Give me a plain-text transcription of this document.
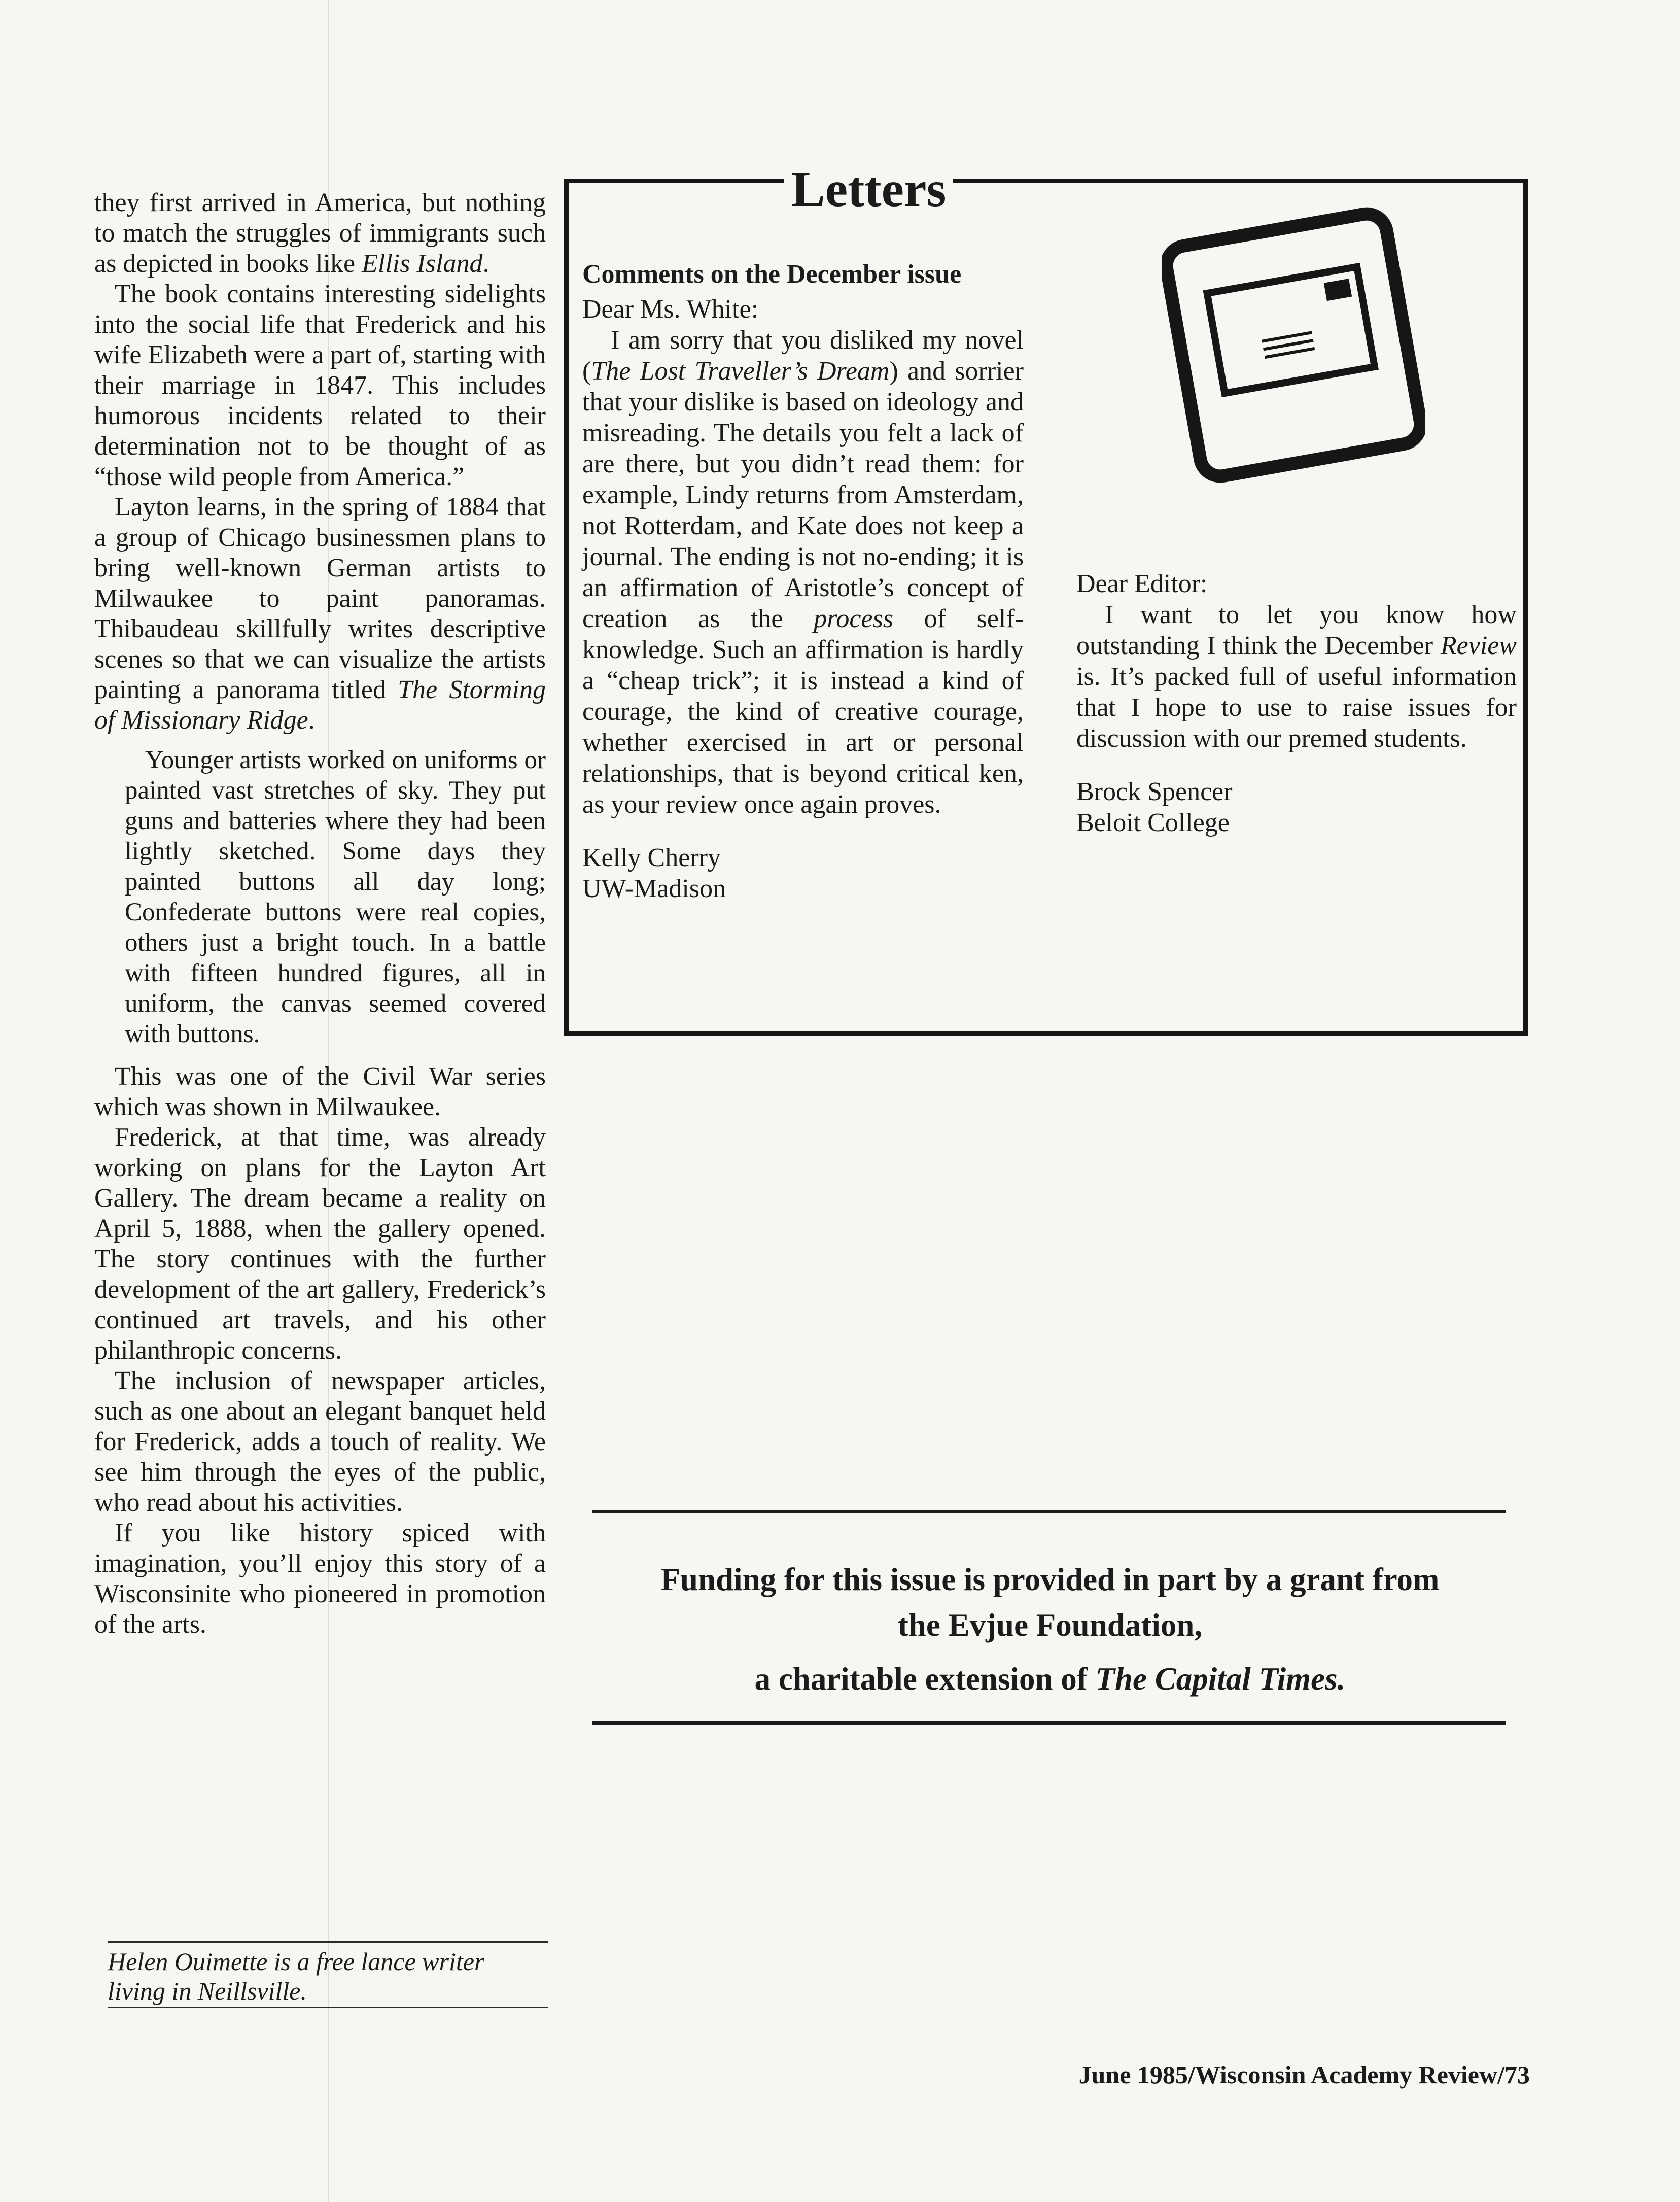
they first arrived in America, but nothing to match the struggles of immigrants such as depicted in books like Ellis Island.

The book contains interesting sidelights into the social life that Frederick and his wife Elizabeth were a part of, starting with their marriage in 1847. This includes humorous incidents related to their determination not to be thought of as “those wild people from America.”

Layton learns, in the spring of 1884 that a group of Chicago businessmen plans to bring well-known German artists to Milwaukee to paint panoramas. Thibaudeau skillfully writes descriptive scenes so that we can visualize the artists painting a panorama titled The Storming of Missionary Ridge.

Younger artists worked on uniforms or painted vast stretches of sky. They put guns and batteries where they had been lightly sketched. Some days they painted buttons all day long; Confederate buttons were real copies, others just a bright touch. In a battle with fifteen hundred figures, all in uniform, the canvas seemed covered with buttons.

This was one of the Civil War series which was shown in Milwaukee.

Frederick, at that time, was already working on plans for the Layton Art Gallery. The dream became a reality on April 5, 1888, when the gallery opened. The story continues with the further development of the art gallery, Frederick’s continued art travels, and his other philanthropic concerns.

The inclusion of newspaper articles, such as one about an elegant banquet held for Frederick, adds a touch of reality. We see him through the eyes of the public, who read about his activities.

If you like history spiced with imagination, you’ll enjoy this story of a Wisconsinite who pioneered in promotion of the arts.

Helen Ouimette is a free lance writer living in Neillsville.
Letters

Comments on the December issue

Dear Ms. White:

I am sorry that you disliked my novel (The Lost Traveller’s Dream) and sorrier that your dislike is based on ideology and misreading. The details you felt a lack of are there, but you didn’t read them: for example, Lindy returns from Amsterdam, not Rotterdam, and Kate does not keep a journal. The ending is not no-ending; it is an affirmation of Aristotle’s concept of creation as the process of self-knowledge. Such an affirmation is hardly a “cheap trick”; it is instead a kind of courage, the kind of creative courage, whether exercised in art or personal relationships, that is beyond critical ken, as your review once again proves.

Kelly Cherry

UW-Madison

Dear Editor:

I want to let you know how outstanding I think the December Review is. It’s packed full of useful information that I hope to use to raise issues for discussion with our premed students.

Brock Spencer

Beloit College

Funding for this issue is provided in part by a grant from

the Evjue Foundation,

a charitable extension of The Capital Times.

June 1985/Wisconsin Academy Review/73
